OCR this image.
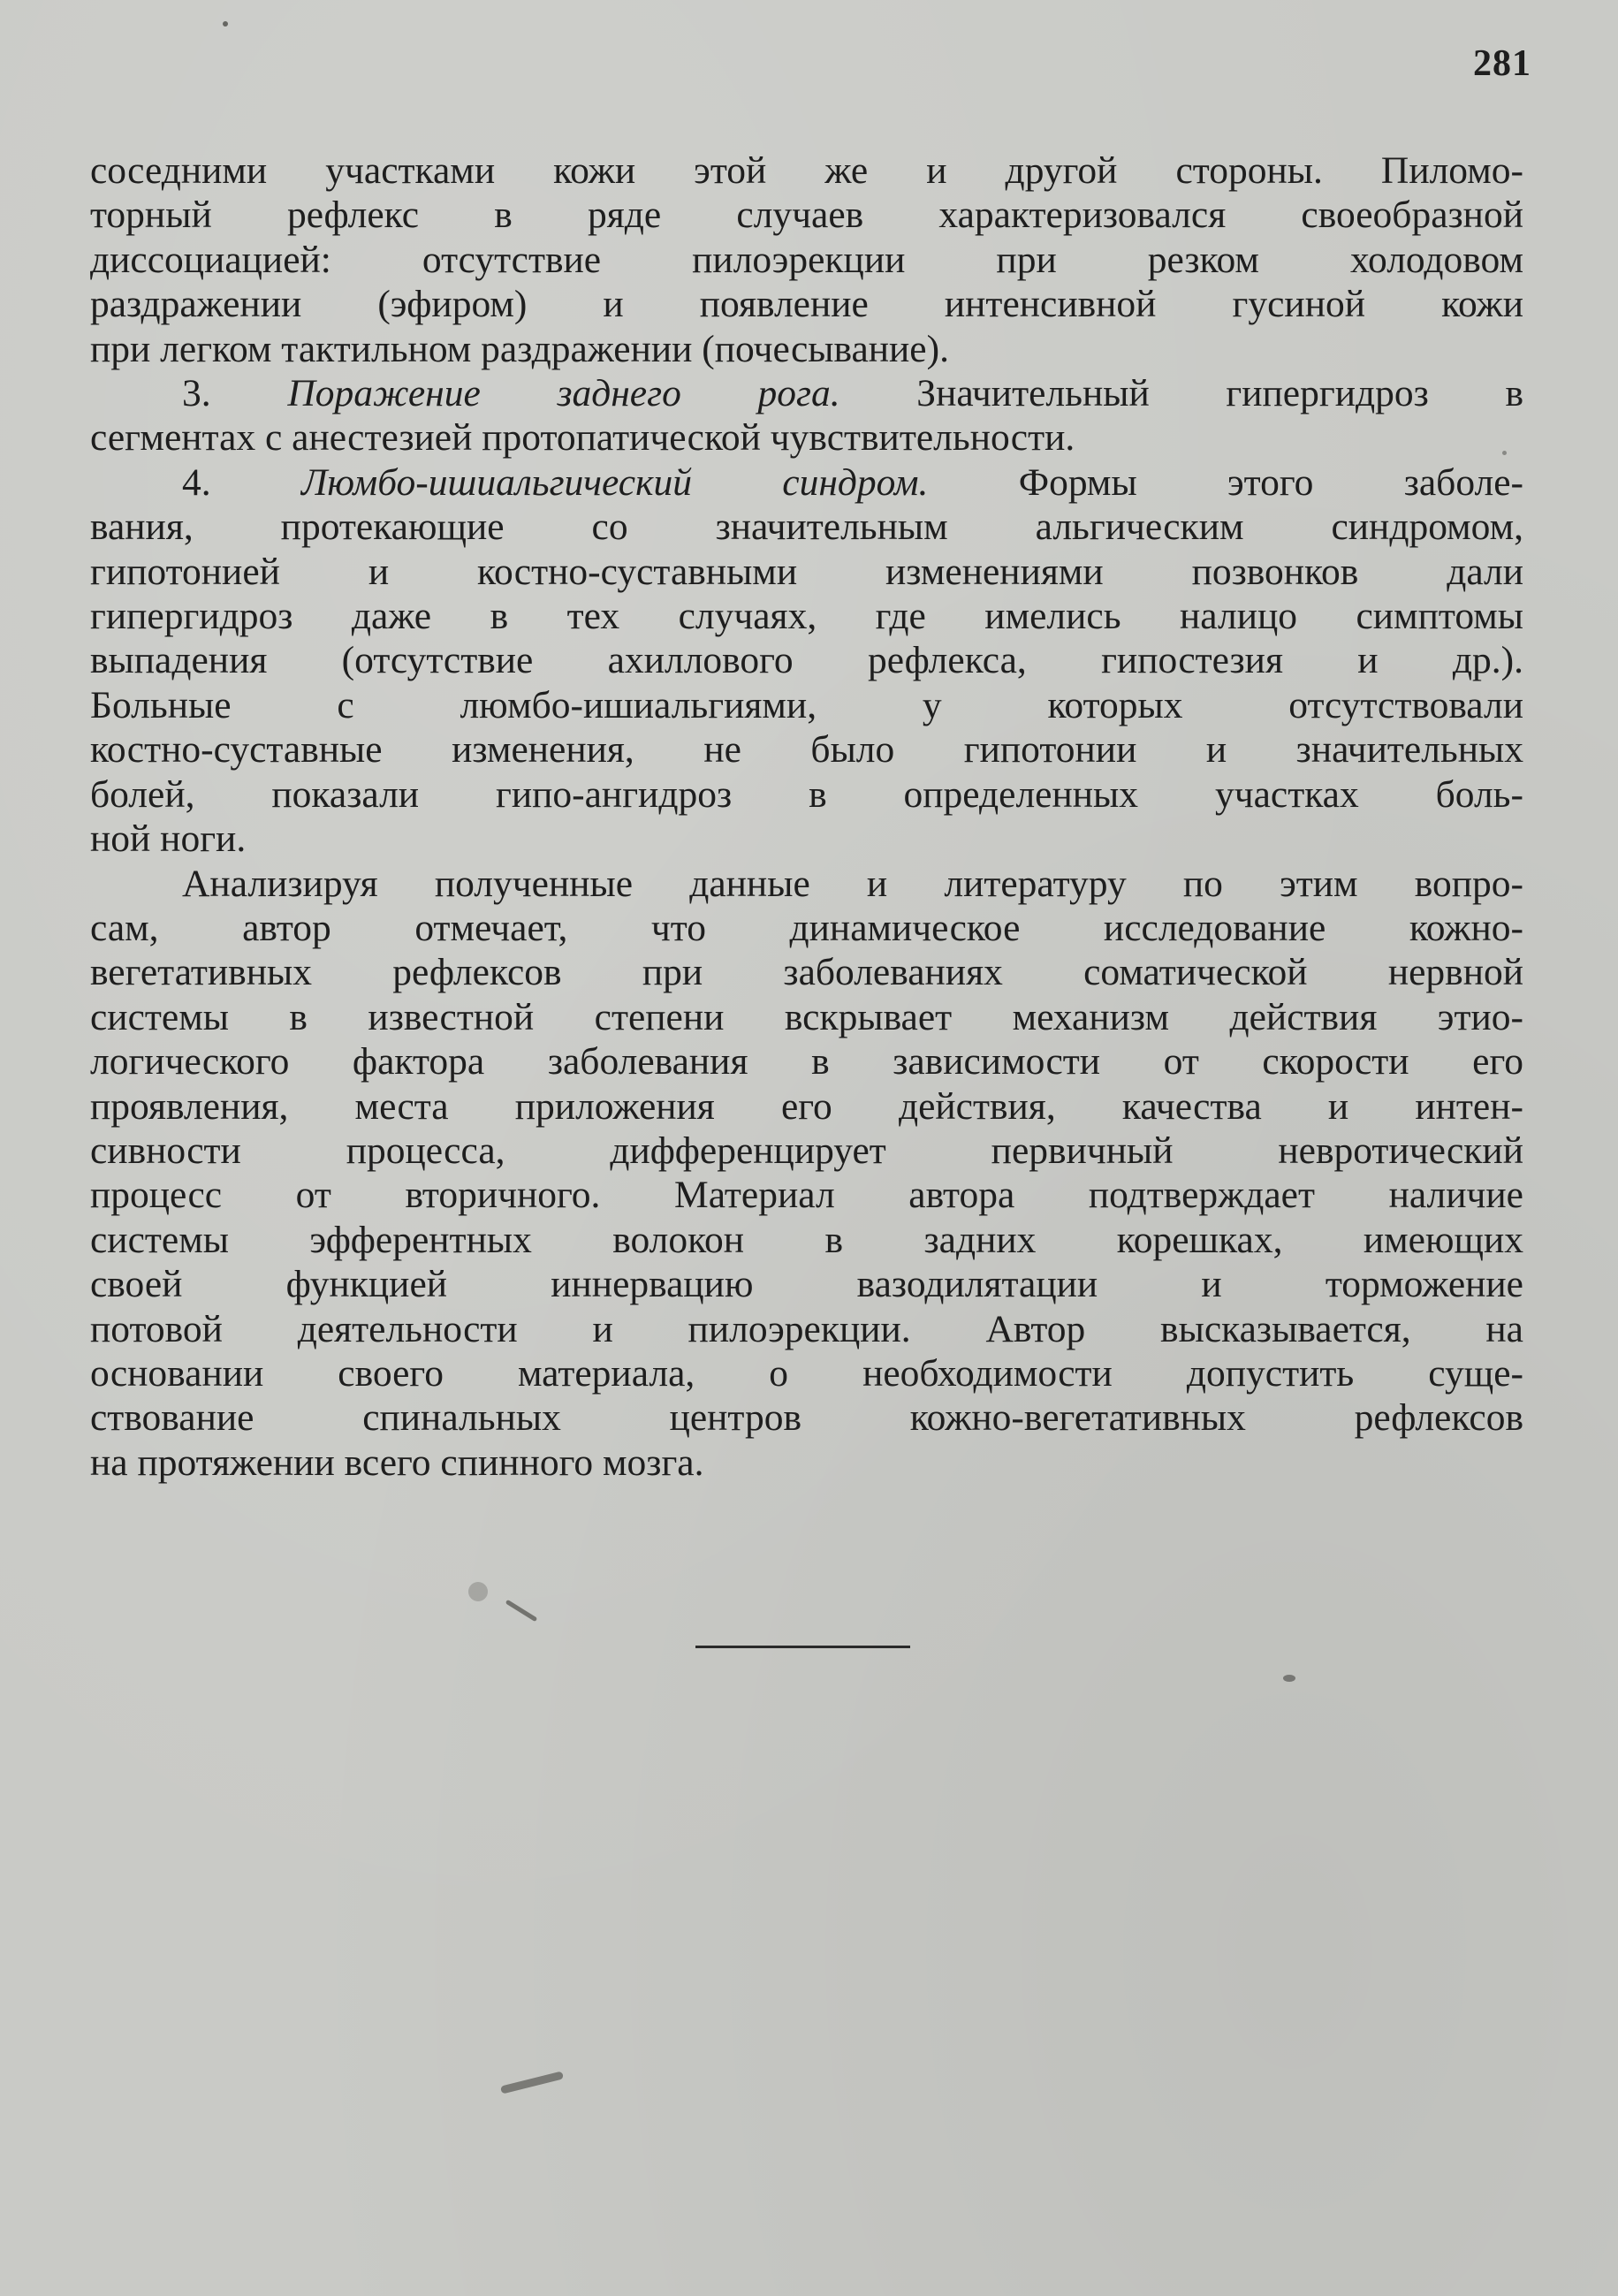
281

соседними участками кожи этой же и другой стороны. Пиломо-
торный рефлекс в ряде случаев характеризовался своеобразной
диссоциацией: отсутствие пилоэрекции при резком холодовом
раздражении (эфиром) и появление интенсивной гусиной кожи
при легком тактильном раздражении (почесывание).

3. Поражение заднего рога. Значительный гипергидроз в
сегментах с анестезией протопатической чувствительности.

4. Люмбо-ишиальгический синдром. Формы этого заболе-
вания, протекающие со значительным альгическим синдромом,
гипотонией и костно-суставными изменениями позвонков дали
гипергидроз даже в тех случаях, где имелись налицо симптомы
выпадения (отсутствие ахиллового рефлекса, гипостезия и др.).
Больные с люмбо-ишиальгиями, у которых отсутствовали
костно-суставные изменения, не было гипотонии и значительных
болей, показали гипо-ангидроз в определенных участках боль-
ной ноги.

Анализируя полученные данные и литературу по этим вопро-
сам, автор отмечает, что динамическое исследование кожно-
вегетативных рефлексов при заболеваниях соматической нервной
системы в известной степени вскрывает механизм действия этио-
логического фактора заболевания в зависимости от скорости его
проявления, места приложения его действия, качества и интен-
сивности процесса, дифференцирует первичный невротический
процесс от вторичного. Материал автора подтверждает наличие
системы эфферентных волокон в задних корешках, имеющих
своей функцией иннервацию вазодилятации и торможение
потовой деятельности и пилоэрекции. Автор высказывается, на
основании своего материала, о необходимости допустить суще-
ствование спинальных центров кожно-вегетативных рефлексов
на протяжении всего спинного мозга.
